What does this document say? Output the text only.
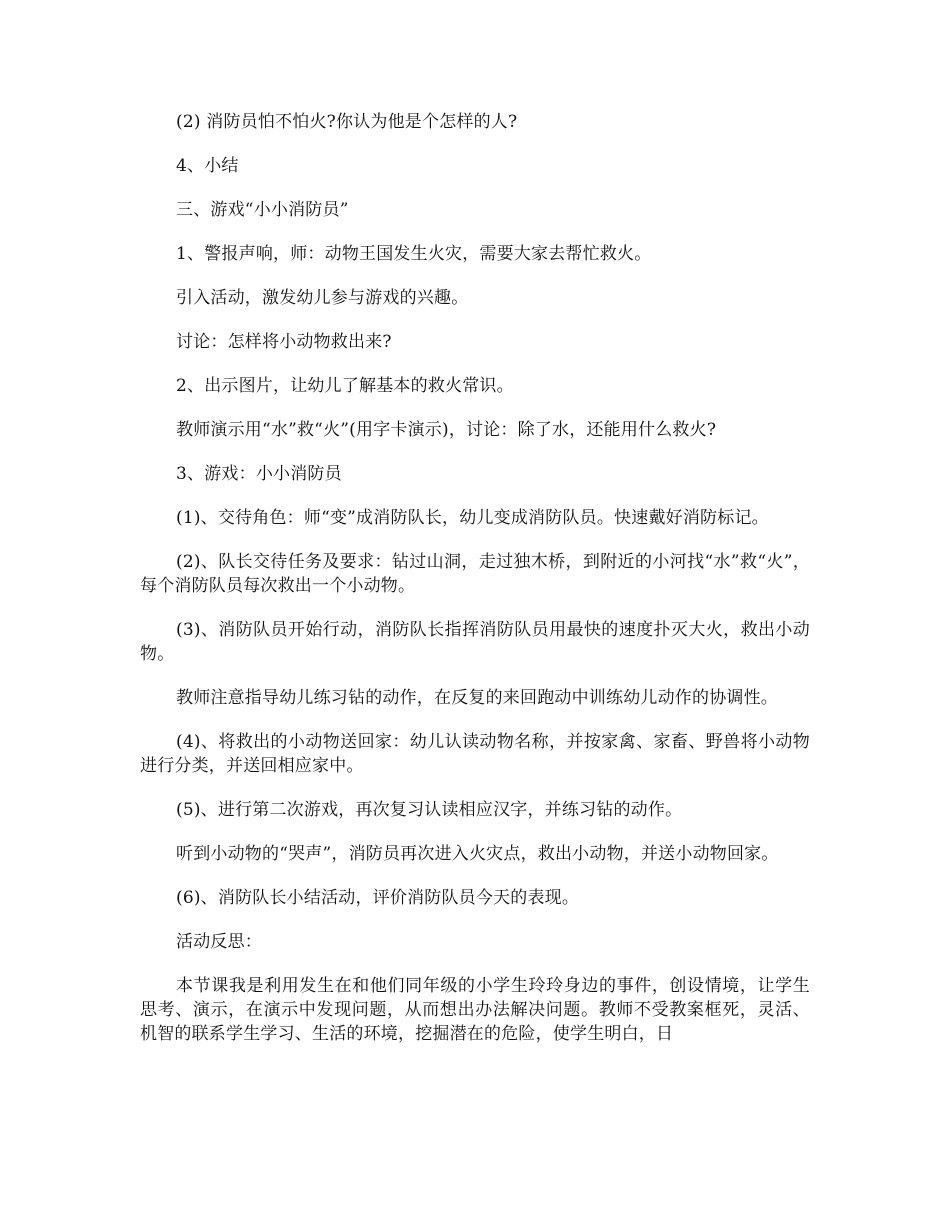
(2) 消防员怕不怕火?你认为他是个怎样的人?

4、小结

三、游戏“小小消防员”

1、警报声响，师：动物王国发生火灾，需要大家去帮忙救火。

引入活动，激发幼儿参与游戏的兴趣。

讨论：怎样将小动物救出来?

2、出示图片，让幼儿了解基本的救火常识。

教师演示用“水”救“火”(用字卡演示)，讨论：除了水，还能用什么救火?

3、游戏：小小消防员

(1)、交待角色：师“变”成消防队长，幼儿变成消防队员。快速戴好消防标记。

(2)、队长交待任务及要求：钻过山洞，走过独木桥，到附近的小河找“水”救“火”，每个消防队员每次救出一个小动物。

(3)、消防队员开始行动，消防队长指挥消防队员用最快的速度扑灭大火，救出小动物。

教师注意指导幼儿练习钻的动作，在反复的来回跑动中训练幼儿动作的协调性。

(4)、将救出的小动物送回家：幼儿认读动物名称，并按家禽、家畜、野兽将小动物进行分类，并送回相应家中。

(5)、进行第二次游戏，再次复习认读相应汉字，并练习钻的动作。

听到小动物的“哭声”，消防员再次进入火灾点，救出小动物，并送小动物回家。

(6)、消防队长小结活动，评价消防队员今天的表现。

活动反思：

本节课我是利用发生在和他们同年级的小学生玲玲身边的事件，创设情境，让学生思考、演示，在演示中发现问题，从而想出办法解决问题。教师不受教案框死，灵活、机智的联系学生学习、生活的环境，挖掘潜在的危险，使学生明白，日
